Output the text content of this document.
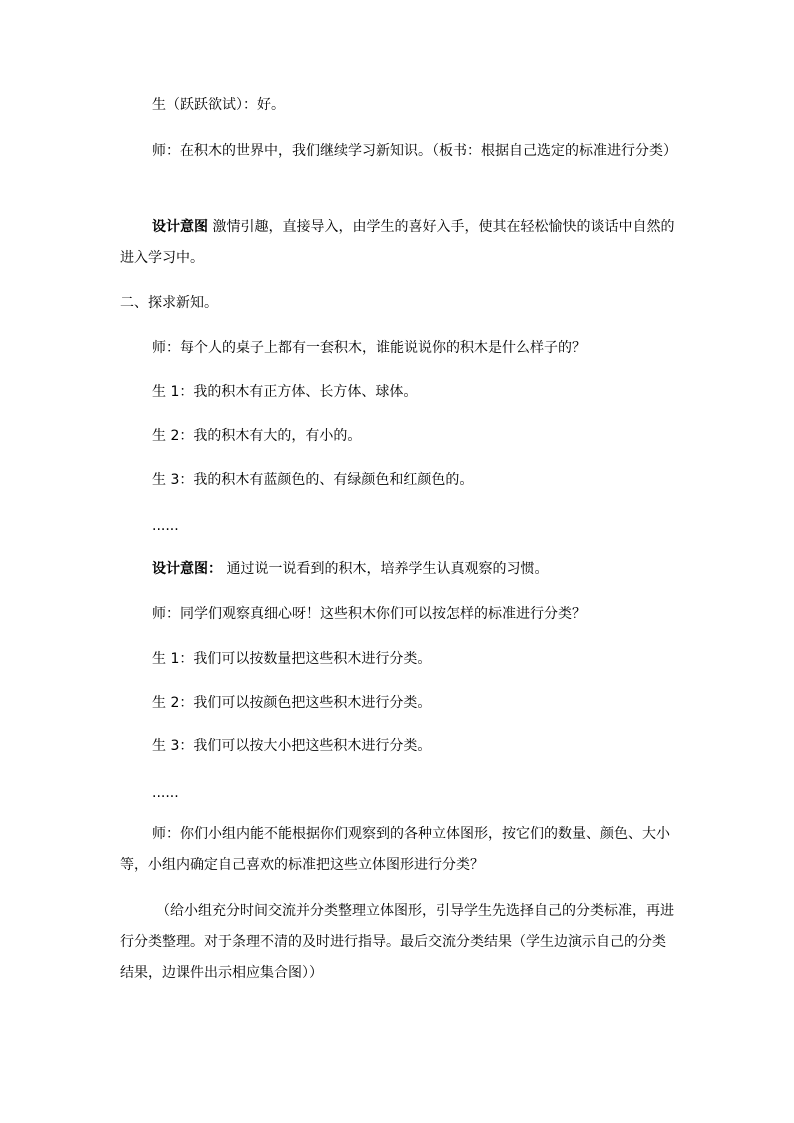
生（跃跃欲试）：好。
师：在积木的世界中，我们继续学习新知识。（板书：根据自己选定的标准进行分类）
设计意图 激情引趣，直接导入，由学生的喜好入手，使其在轻松愉快的谈话中自然的进入学习中。
二、探求新知。
师：每个人的桌子上都有一套积木，谁能说说你的积木是什么样子的？
生 1：我的积木有正方体、长方体、球体。
生 2：我的积木有大的，有小的。
生 3：我的积木有蓝颜色的、有绿颜色和红颜色的。
......
设计意图： 通过说一说看到的积木，培养学生认真观察的习惯。
师：同学们观察真细心呀！这些积木你们可以按怎样的标准进行分类？
生 1：我们可以按数量把这些积木进行分类。
生 2：我们可以按颜色把这些积木进行分类。
生 3：我们可以按大小把这些积木进行分类。
......
师：你们小组内能不能根据你们观察到的各种立体图形，按它们的数量、颜色、大小等，小组内确定自己喜欢的标准把这些立体图形进行分类？
（给小组充分时间交流并分类整理立体图形，引导学生先选择自己的分类标准，再进行分类整理。对于条理不清的及时进行指导。最后交流分类结果（学生边演示自己的分类结果，边课件出示相应集合图））
